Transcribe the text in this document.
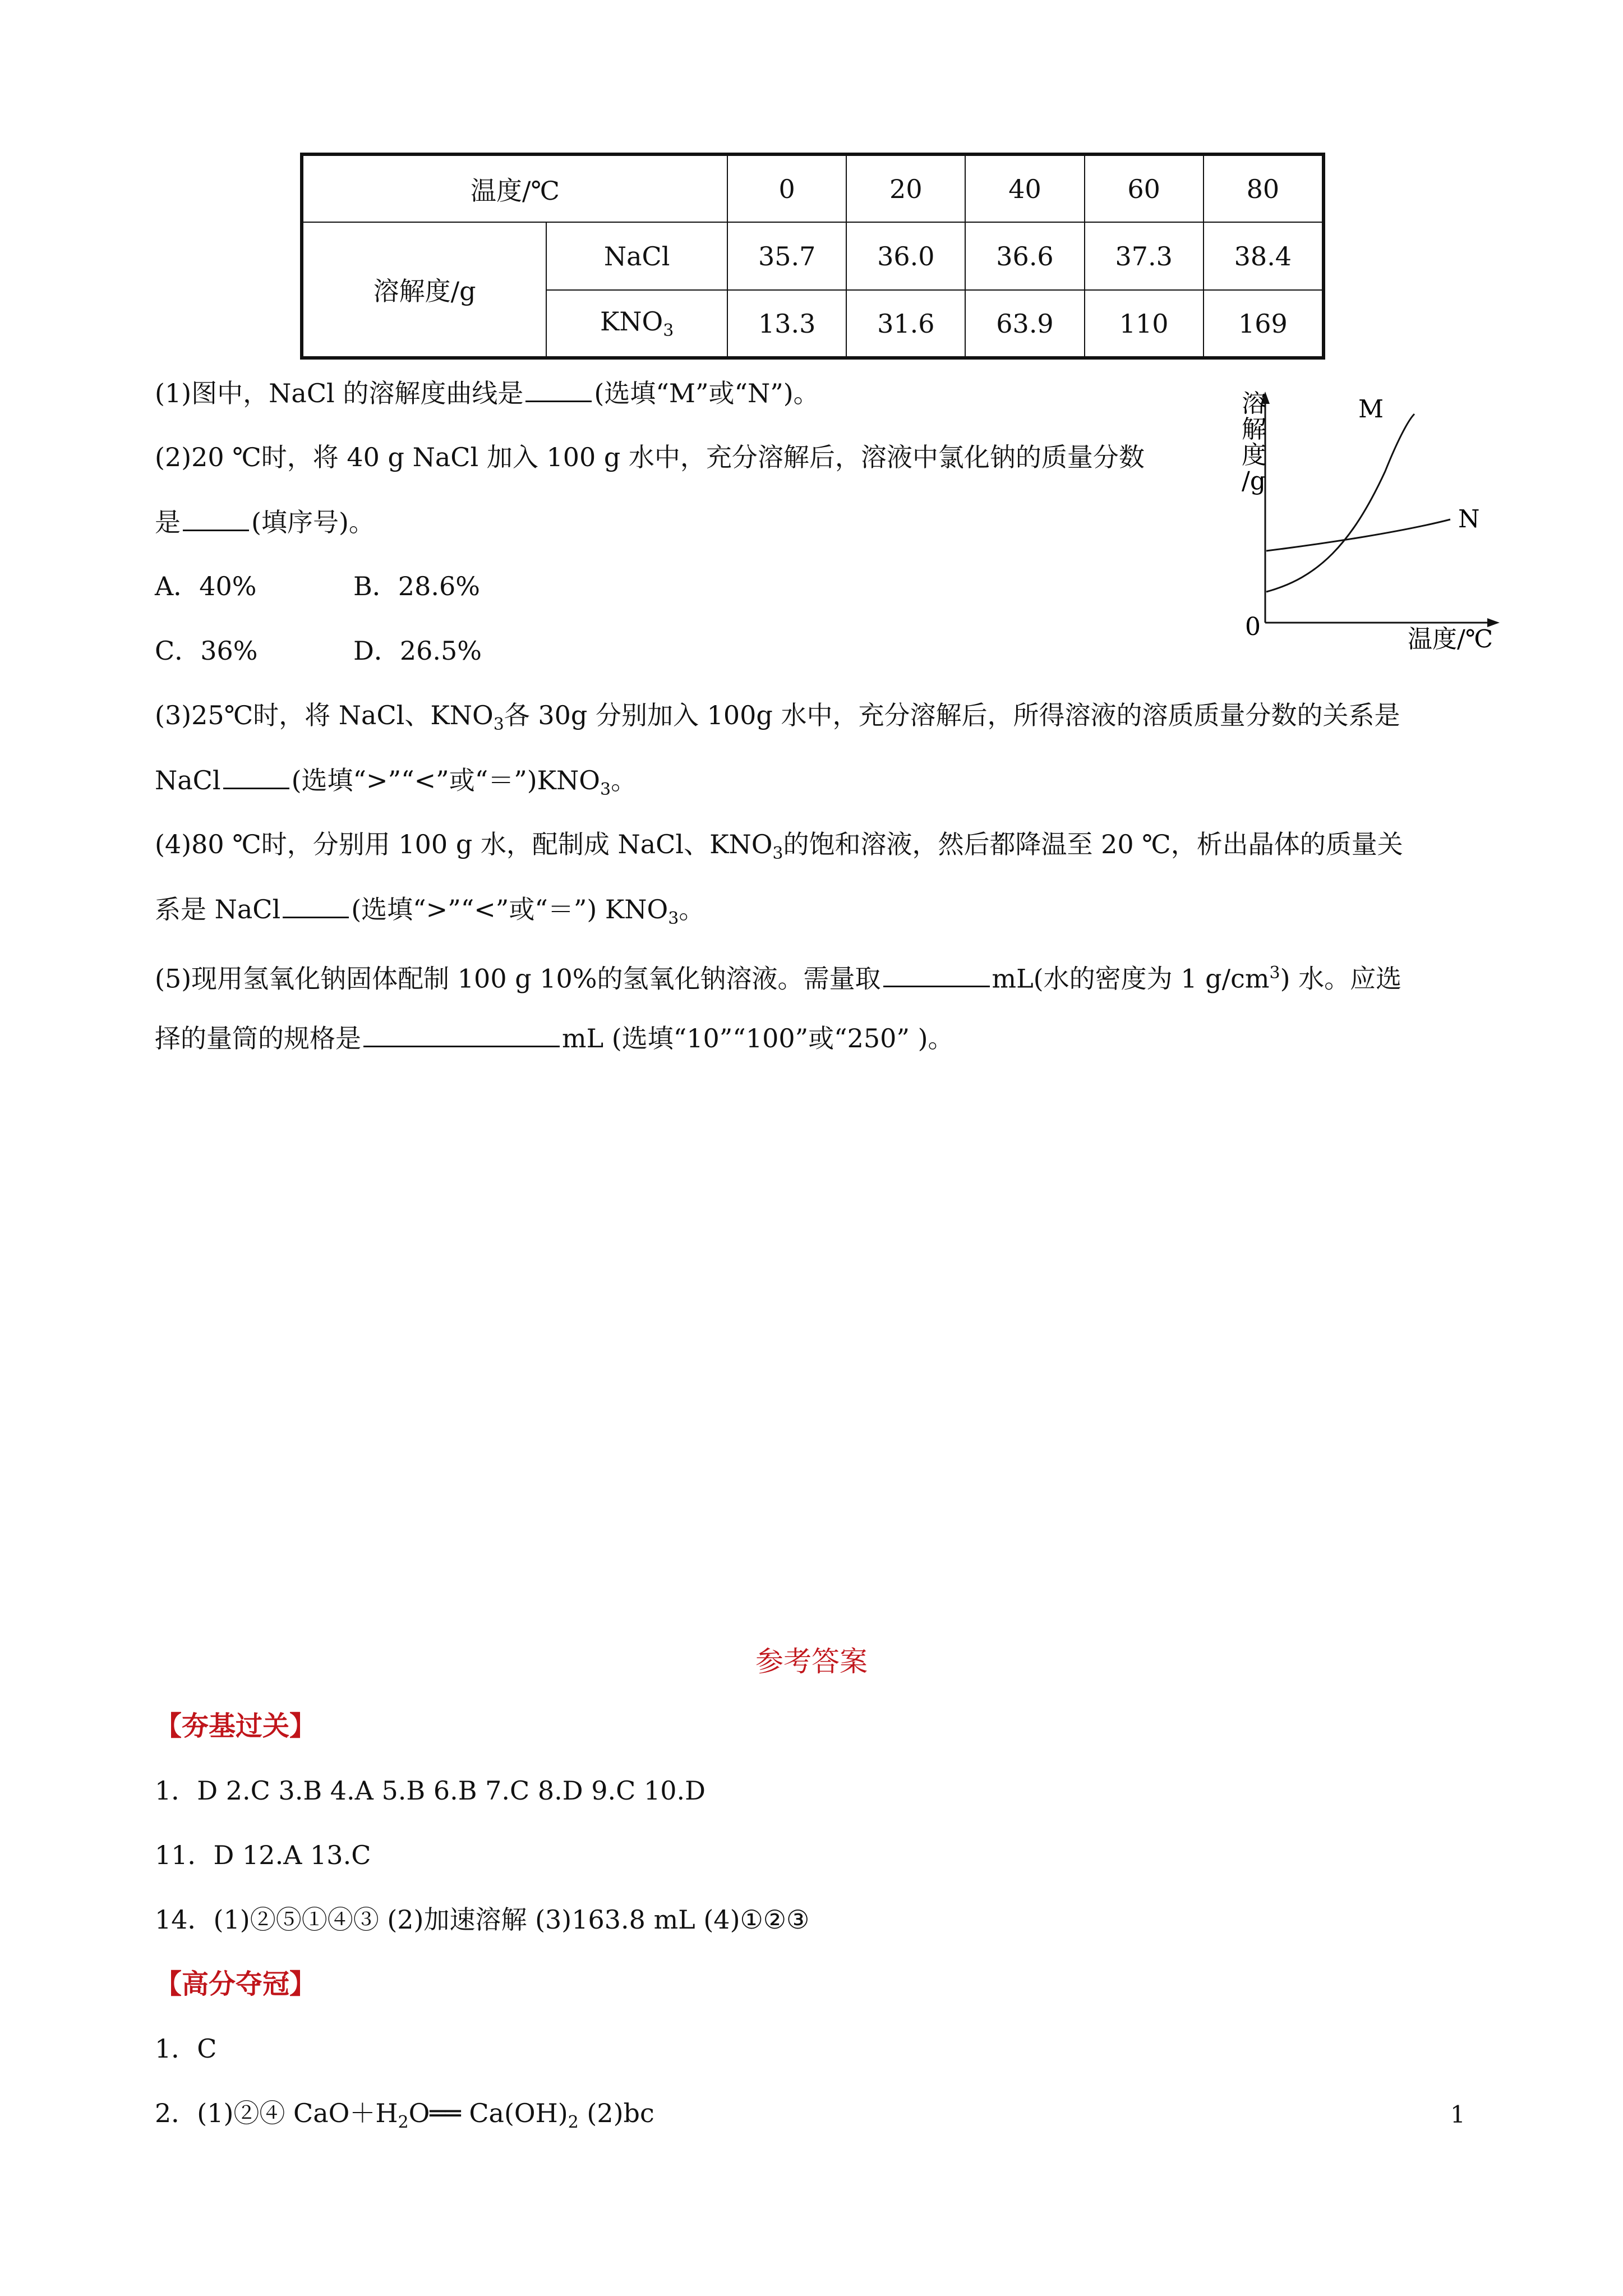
温度/℃		0	20	40	60	80
溶解度/g	NaCl	35.7	36.0	36.6	37.3	38.4
	$KNO_3$	13.3	31.6	63.9	110	169
(1)图中，NaCl 的溶解度曲线是	(选填“M”或“N”)。
(2)20 ℃时，将 40 g NaCl 加入 100 g 水中，充分溶解后，溶液中氯化钠的质量分数
是	(填序号)。
A．40%	B．28.6%
C．36%	D．26.5%
(3)25℃时，将 NaCl、$KNO_3$各 30g 分别加入 100g 水中，充分溶解后，所得溶液的溶质质量分数的关系是
NaCl	(选填“>”“<”或“$=”)KNO_3$。
(4)80 ℃时，分别用 100 g 水，配制成 NaCl、$KNO_3$的饱和溶液，然后都降温至 20 ℃，析出晶体的质量关
系是 NaCl	(选填“>”“<”或“＝”) $KNO_3$。
(5)现用氢氧化钠固体配制 100 g 10%的氢氧化钠溶液。需量取	mL(水的密度为 1 $g/cm^3$) 水。应选
择的量筒的规格是	mL (选填“10”“100”或“250” )。
溶
解
度
/g
0	温度/℃
M
N
参考答案
【夯基过关】
1．D 2.C 3.B 4.A 5.B 6.B 7.C 8.D 9.C 10.D
11．D 12.A 13.C
14．(1)②⑤①④③ (2)加速溶解 (3)163.8 mL (4)①②③
【高分夺冠】
1．C
2．(1)②④ $CaO+H_2O══$ $Ca(OH)_2$ (2)bc	1
